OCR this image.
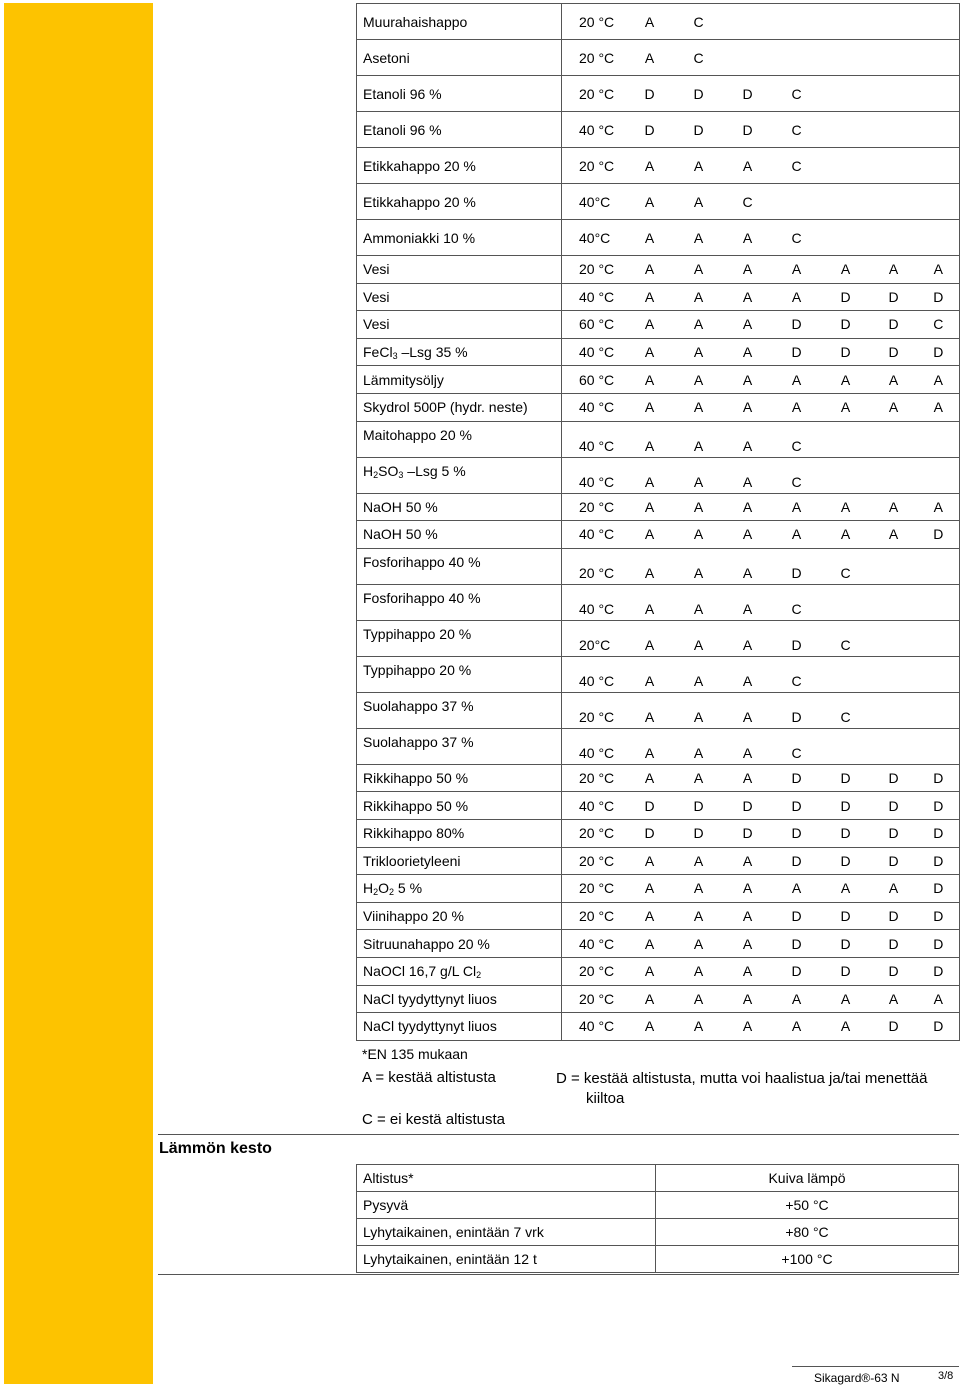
Muurahaishappo	20 °C	A	C					
Asetoni	20 °C	A	C					
Etanoli 96 %	20 °C	D	D	D	C			
Etanoli 96 %	40 °C	D	D	D	C			
Etikkahappo 20 %	20 °C	A	A	A	C			
Etikkahappo 20 %	40°C	A	A	C				
Ammoniakki 10 %	40°C	A	A	A	C			
Vesi	20 °C	A	A	A	A	A	A	A
Vesi	40 °C	A	A	A	A	D	D	D
Vesi	60 °C	A	A	A	D	D	D	C
FeCl$_3$ –Lsg 35 %	40 °C	A	A	A	D	D	D	D
Lämmitysöljy	60 °C	A	A	A	A	A	A	A
Skydrol 500P (hydr. neste)	40 °C	A	A	A	A	A	A	A
Maitohappo 20 %	40 °C	A	A	A	C			
$H_2SO_3$ –Lsg 5 %	40 °C	A	A	A	C			
NaOH 50 %	20 °C	A	A	A	A	A	A	A
NaOH 50 %	40 °C	A	A	A	A	A	A	D
Fosforihappo 40 %	20 °C	A	A	A	D	C		
Fosforihappo 40 %	40 °C	A	A	A	C			
Typpihappo 20 %	20°C	A	A	A	D	C		
Typpihappo 20 %	40 °C	A	A	A	C			
Suolahappo 37 %	20 °C	A	A	A	D	C		
Suolahappo 37 %	40 °C	A	A	A	C			
Rikkihappo 50 %	20 °C	A	A	A	D	D	D	D
Rikkihappo 50 %	40 °C	D	D	D	D	D	D	D
Rikkihappo 80%	20 °C	D	D	D	D	D	D	D
Trikloorietyleeni	20 °C	A	A	A	D	D	D	D
$H_2O_2$ 5 %	20 °C	A	A	A	A	A	A	D
Viinihappo 20 %	20 °C	A	A	A	D	D	D	D
Sitruunahappo 20 %	40 °C	A	A	A	D	D	D	D
NaOCl 16,7 g/L $Cl_2$	20 °C	A	A	A	D	D	D	D
NaCl tyydyttynyt liuos	20 °C	A	A	A	A	A	A	A
NaCl tyydyttynyt liuos	40 °C	A	A	A	A	A	D	D
*EN 135 mukaan
A = kestää altistusta
C = ei kestä altistusta
D = kestää altistusta, mutta voi haalistua ja/tai menettää
kiiltoa
Lämmön kesto
Altistus*	Kuiva lämpö
Pysyvä	+50 °C
Lyhytaikainen, enintään 7 vrk	+80 °C
Lyhytaikainen, enintään 12 t	+100 °C
Sikagard®-63 N	3/8
